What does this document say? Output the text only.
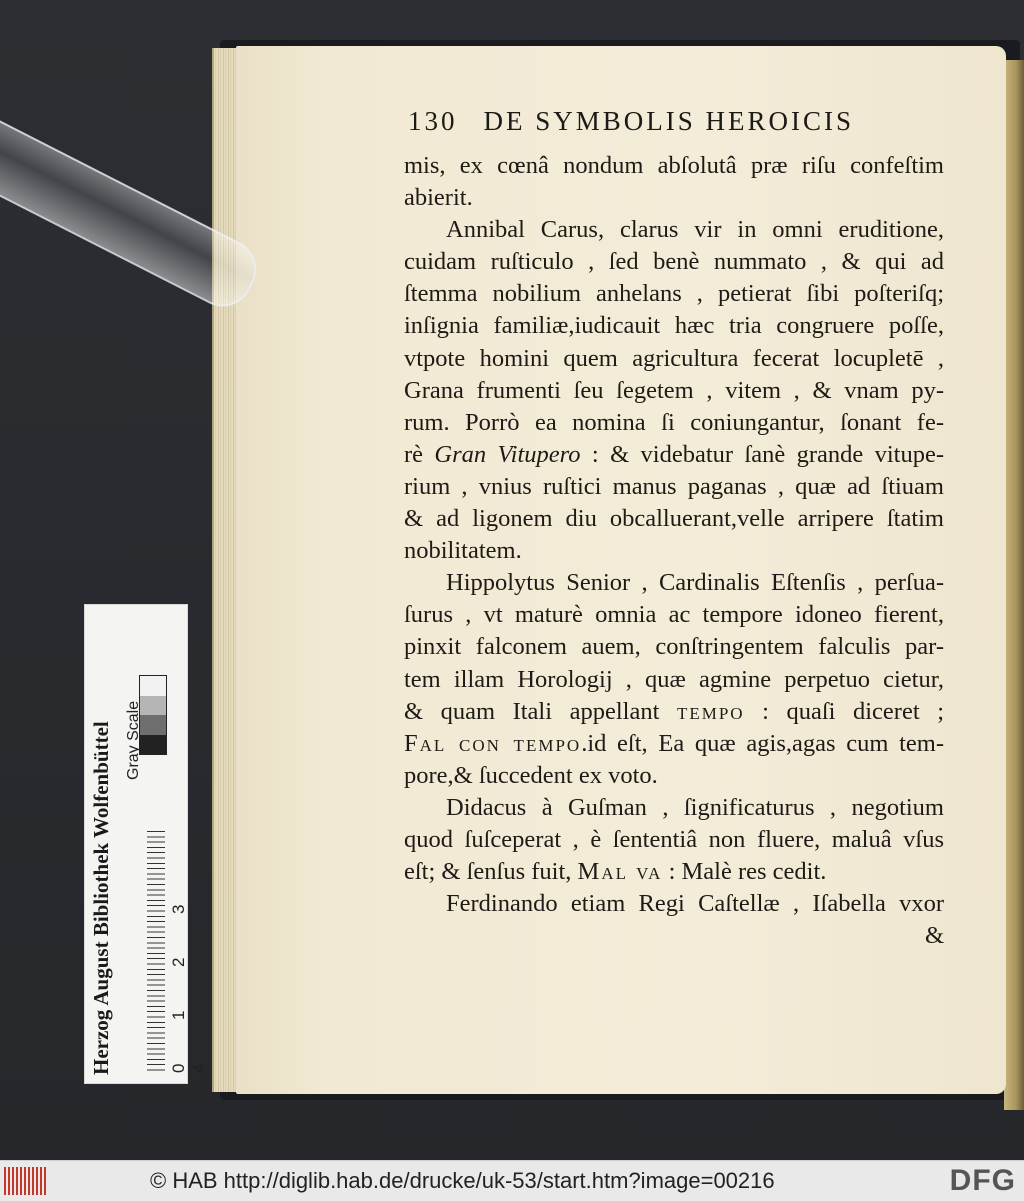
130 DE SYMBOLIS HEROICIS
mis, ex cœnâ nondum abſolutâ præ riſu confeſtim
abierit.
Annibal Carus, clarus vir in omni eruditione,
cuidam ruſticulo , ſed benè nummato , & qui ad
ſtemma nobilium anhelans , petierat ſibi poſteriſq;
inſignia familiæ,iudicauit hæc tria congruere poſſe,
vtpote homini quem agricultura fecerat locupletē ,
Grana frumenti ſeu ſegetem , vitem , & vnam py-
rum. Porrò ea nomina ſi coniungantur, ſonant fe-
rè Gran Vitupero : & videbatur ſanè grande vitupe-
rium , vnius ruſtici manus paganas , quæ ad ſtiuam
& ad ligonem diu obcalluerant,velle arripere ſtatim
nobilitatem.
Hippolytus Senior , Cardinalis Eſtenſis , perſua-
ſurus , vt maturè omnia ac tempore idoneo fierent,
pinxit falconem auem, conſtringentem falculis par-
tem illam Horologij , quæ agmine perpetuo cietur,
& quam Itali appellant tempo : quaſi diceret ;
Fal con tempo.id eſt, Ea quæ agis,agas cum tem-
pore,& ſuccedent ex voto.
Didacus à Guſman , ſignificaturus , negotium
quod ſuſceperat , è ſententiâ non fluere, maluâ vſus
eſt; & ſenſus fuit, Mal va : Malè res cedit.
Ferdinando etiam Regi Caſtellæ , Iſabella vxor
&
Herzog August Bibliothek Wolfenbüttel Gray Scale
01234
© HAB http://diglib.hab.de/drucke/uk-53/start.htm?image=00216	DFG
